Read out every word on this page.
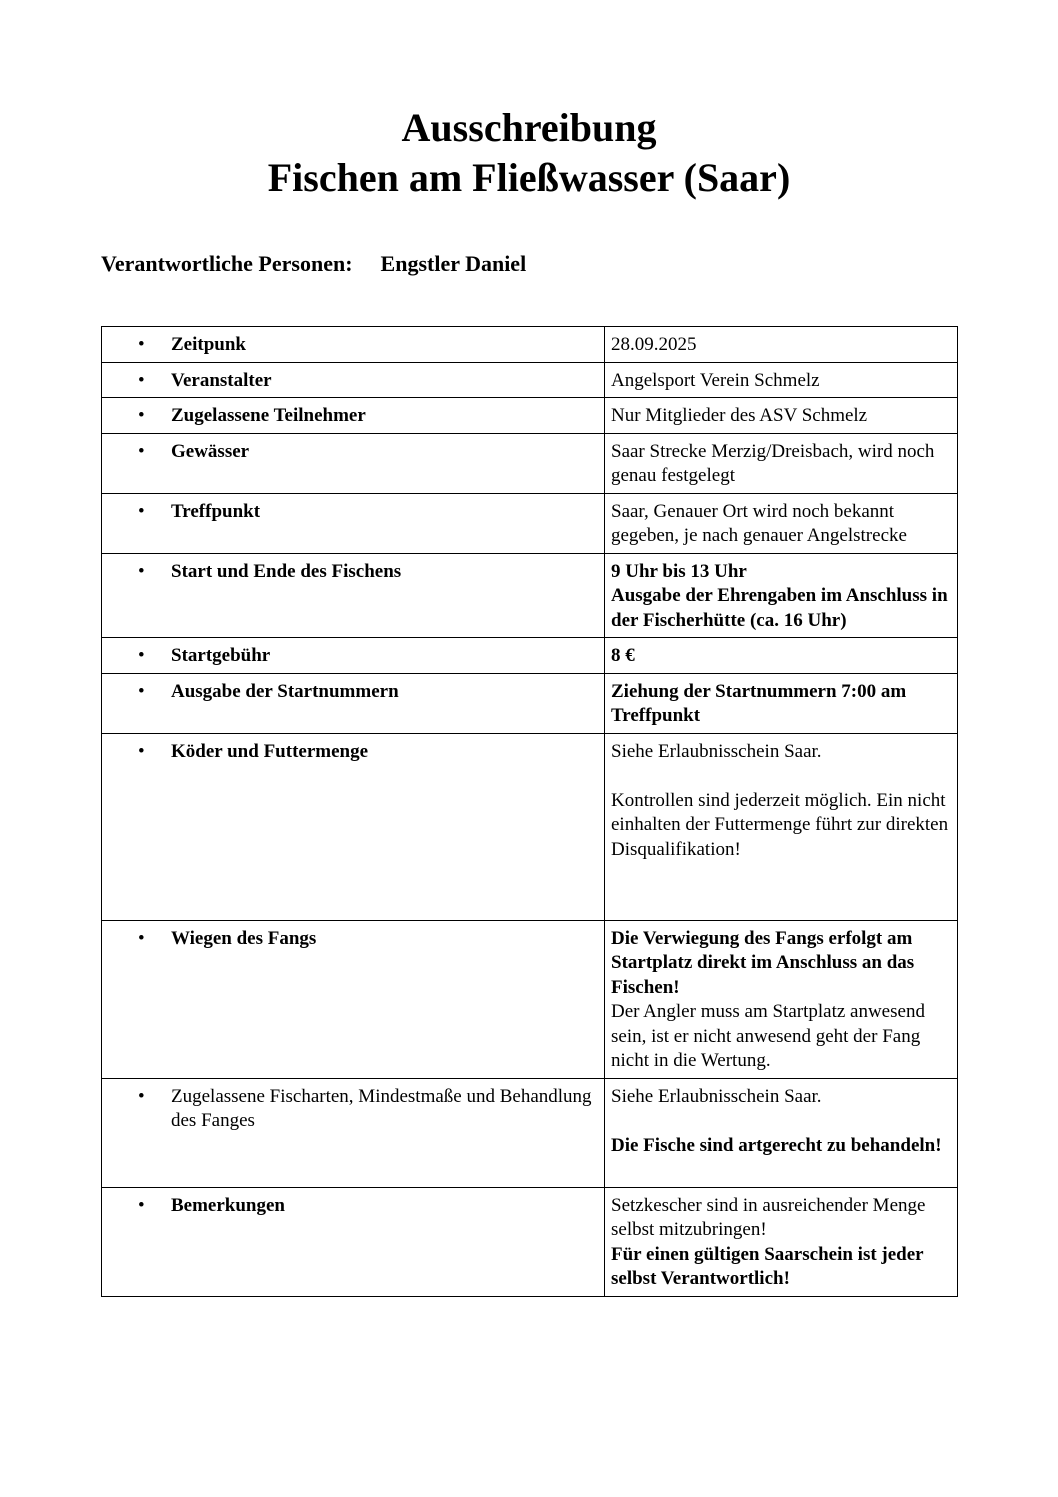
Ausschreibung
Fischen am Fließwasser (Saar)
Verantwortliche Personen: Engstler Daniel
• Zeitpunk	28.09.2025

• Veranstalter	Angelsport Verein Schmelz

• Zugelassene Teilnehmer	Nur Mitglieder des ASV Schmelz

• Gewässer	Saar Strecke Merzig/Dreisbach, wird noch genau festgelegt

• Treffpunkt	Saar, Genauer Ort wird noch bekannt gegeben, je nach genauer Angelstrecke

• Start und Ende des Fischens	9 Uhr bis 13 Uhr
Ausgabe der Ehrengaben im Anschluss in der Fischerhütte (ca. 16 Uhr)

• Startgebühr	8 €

• Ausgabe der Startnummern	Ziehung der Startnummern 7:00 am Treffpunkt

• Köder und Futtermenge	Siehe Erlaubnisschein Saar.
Kontrollen sind jederzeit möglich. Ein nicht einhalten der Futtermenge führt zur direkten Disqualifikation!

• Wiegen des Fangs	Die Verwiegung des Fangs erfolgt am Startplatz direkt im Anschluss an das Fischen!
Der Angler muss am Startplatz anwesend sein, ist er nicht anwesend geht der Fang nicht in die Wertung.

• Zugelassene Fischarten, Mindestmaße und Behandlung des Fanges	Siehe Erlaubnisschein Saar.
Die Fische sind artgerecht zu behandeln!

• Bemerkungen	Setzkescher sind in ausreichender Menge selbst mitzubringen!
Für einen gültigen Saarschein ist jeder selbst Verantwortlich!
